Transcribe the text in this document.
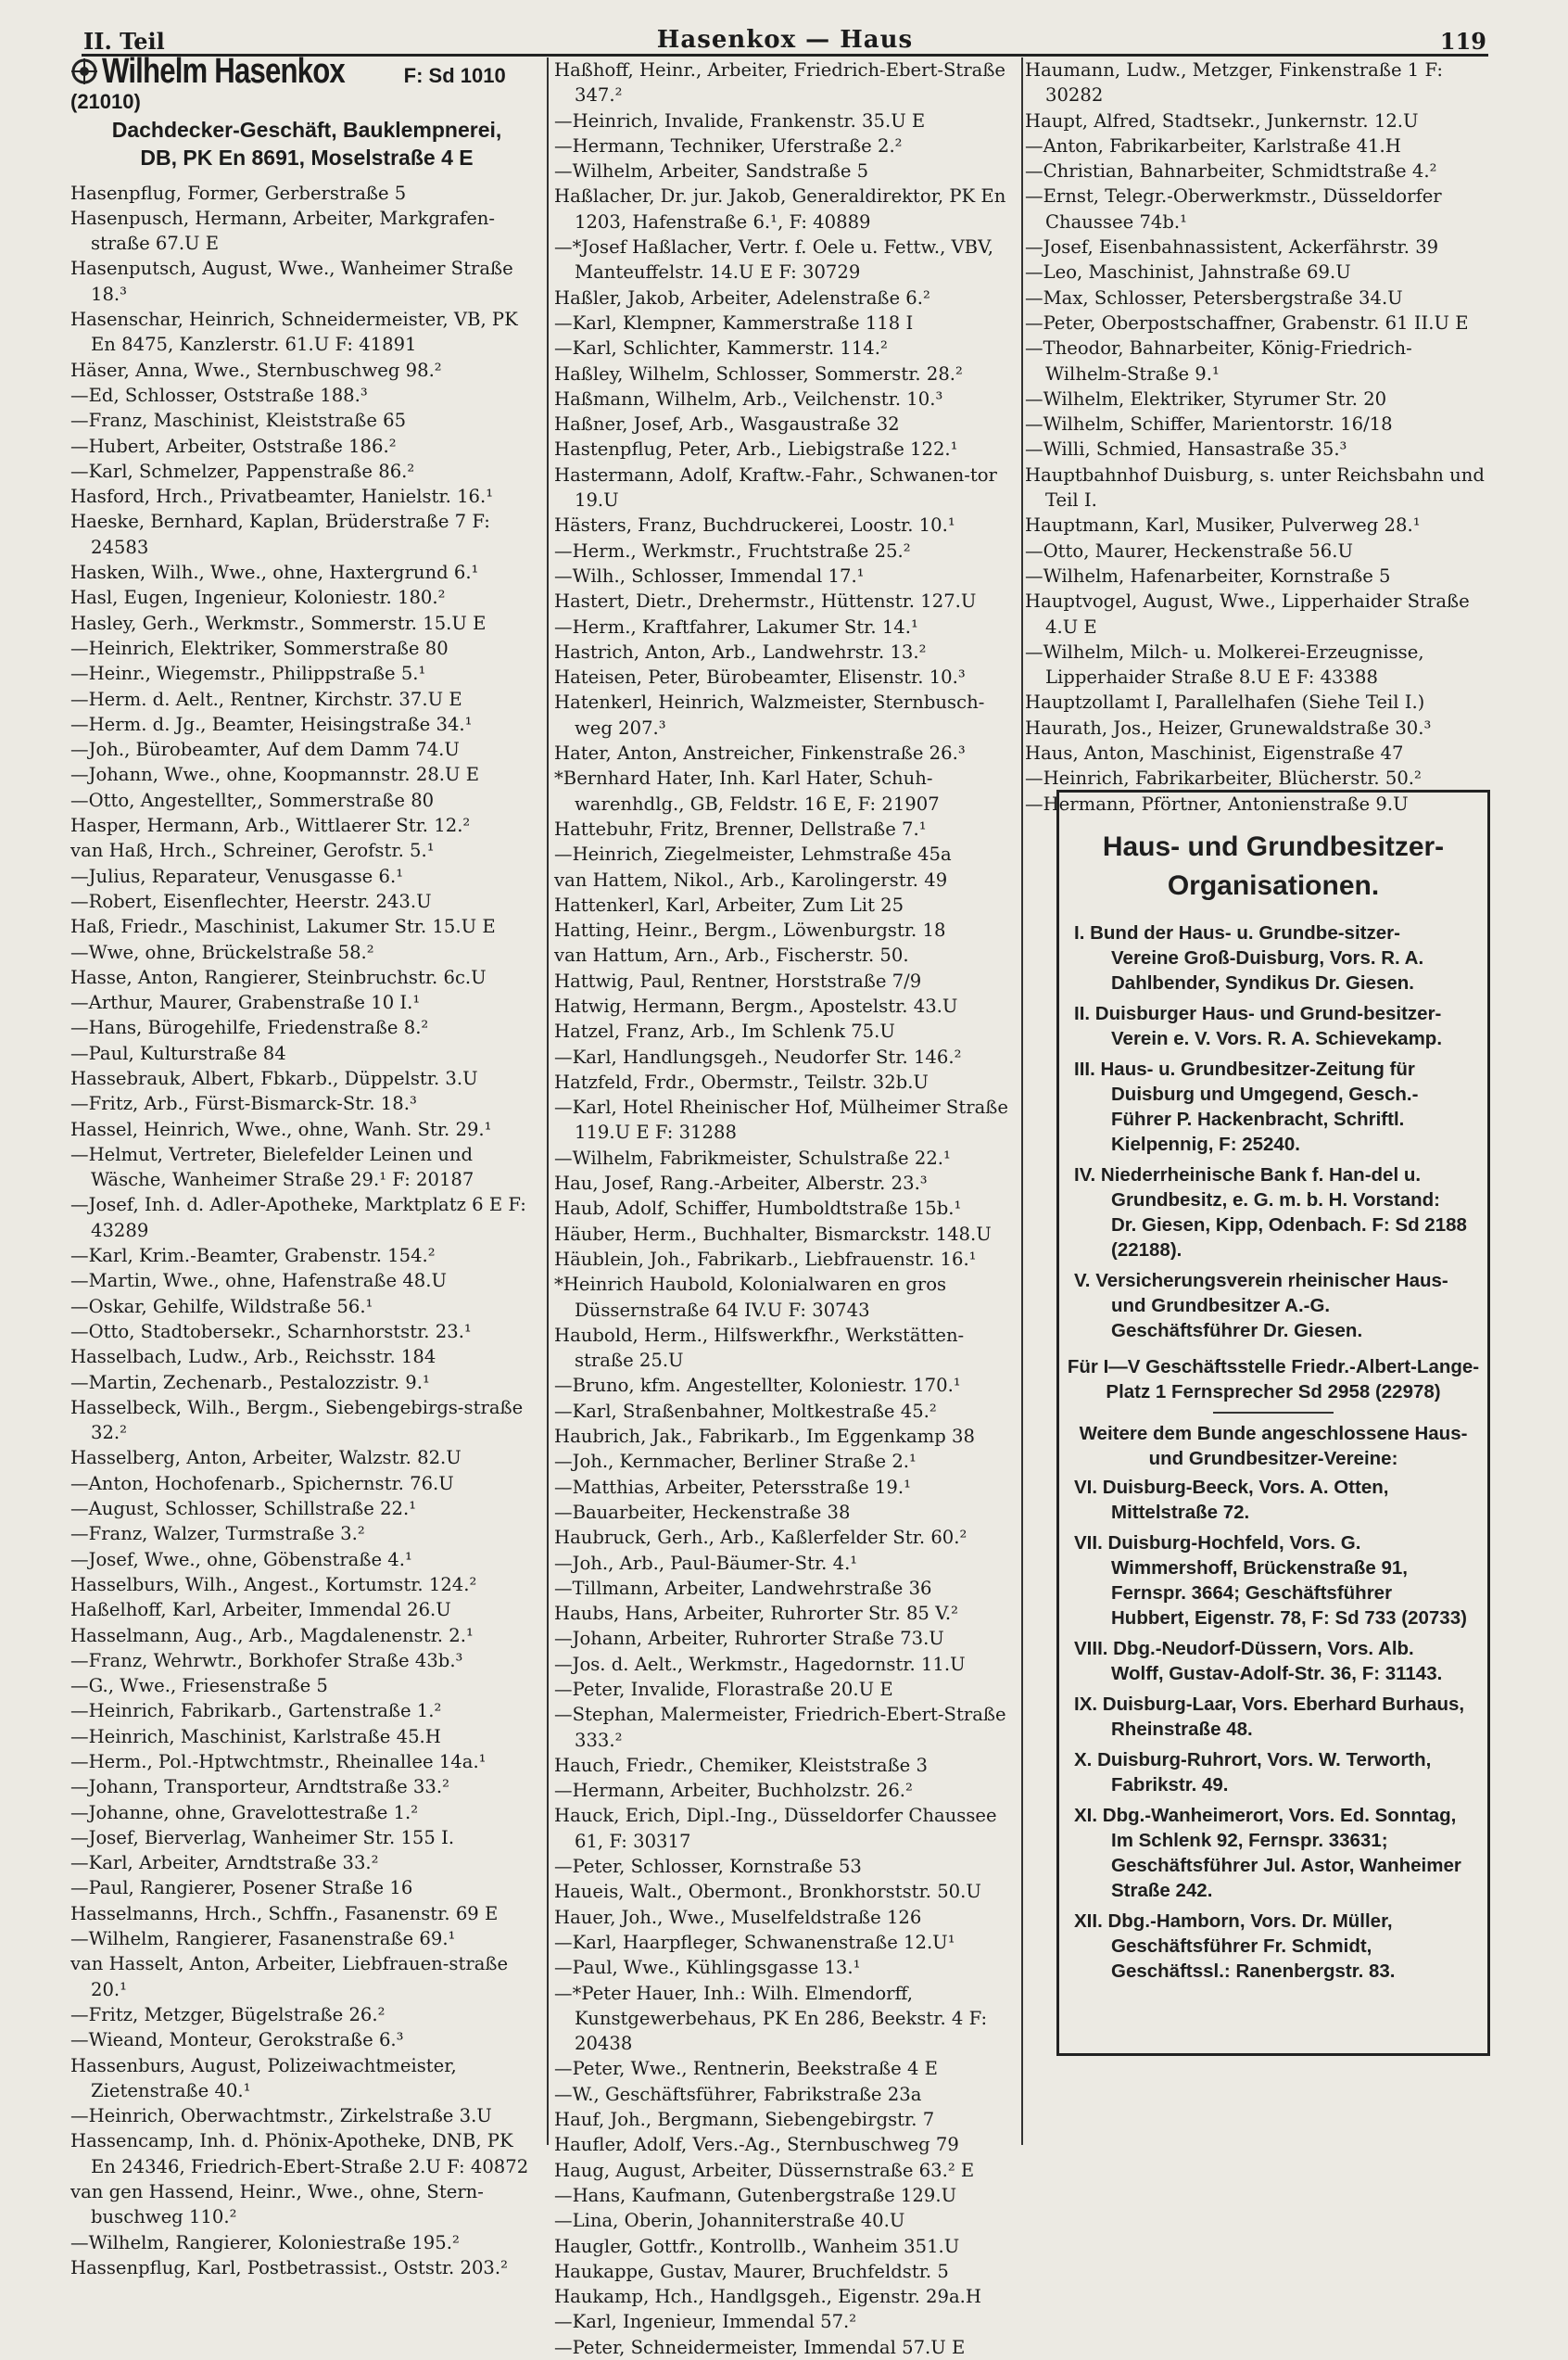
II. Teil	Hasenkox — Haus	119
Wilhelm Hasenkox	F: Sd 1010 (21010)
Dachdecker-Geschäft, Bauklempnerei,
DB, PK En 8691, Moselstraße 4 E
Hasenpflug, Former, Gerberstraße 5
Hasenpusch, Hermann, Arbeiter, Markgrafen-straße 67.U E
Hasenputsch, August, Wwe., Wanheimer Straße 18.³
Hasenschar, Heinrich, Schneidermeister, VB, PK En 8475, Kanzlerstr. 61.U F: 41891
Häser, Anna, Wwe., Sternbuschweg 98.²
—Ed, Schlosser, Oststraße 188.³
—Franz, Maschinist, Kleiststraße 65
—Hubert, Arbeiter, Oststraße 186.²
—Karl, Schmelzer, Pappenstraße 86.²
Hasford, Hrch., Privatbeamter, Hanielstr. 16.¹
Haeske, Bernhard, Kaplan, Brüderstraße 7 F: 24583
Hasken, Wilh., Wwe., ohne, Haxtergrund 6.¹
Hasl, Eugen, Ingenieur, Koloniestr. 180.²
Hasley, Gerh., Werkmstr., Sommerstr. 15.U E
—Heinrich, Elektriker, Sommerstraße 80
—Heinr., Wiegemstr., Philippstraße 5.¹
—Herm. d. Aelt., Rentner, Kirchstr. 37.U E
—Herm. d. Jg., Beamter, Heisingstraße 34.¹
—Joh., Bürobeamter, Auf dem Damm 74.U
—Johann, Wwe., ohne, Koopmannstr. 28.U E
—Otto, Angestellter,, Sommerstraße 80
Hasper, Hermann, Arb., Wittlaerer Str. 12.²
van Haß, Hrch., Schreiner, Gerofstr. 5.¹
—Julius, Reparateur, Venusgasse 6.¹
—Robert, Eisenflechter, Heerstr. 243.U
Haß, Friedr., Maschinist, Lakumer Str. 15.U E
—Wwe, ohne, Brückelstraße 58.²
Hasse, Anton, Rangierer, Steinbruchstr. 6c.U
—Arthur, Maurer, Grabenstraße 10 I.¹
—Hans, Bürogehilfe, Friedenstraße 8.²
—Paul, Kulturstraße 84
Hassebrauk, Albert, Fbkarb., Düppelstr. 3.U
—Fritz, Arb., Fürst-Bismarck-Str. 18.³
Hassel, Heinrich, Wwe., ohne, Wanh. Str. 29.¹
—Helmut, Vertreter, Bielefelder Leinen und Wäsche, Wanheimer Straße 29.¹ F: 20187
—Josef, Inh. d. Adler-Apotheke, Marktplatz 6 E F: 43289
—Karl, Krim.-Beamter, Grabenstr. 154.²
—Martin, Wwe., ohne, Hafenstraße 48.U
—Oskar, Gehilfe, Wildstraße 56.¹
—Otto, Stadtobersekr., Scharnhorststr. 23.¹
Hasselbach, Ludw., Arb., Reichsstr. 184
—Martin, Zechenarb., Pestalozzistr. 9.¹
Hasselbeck, Wilh., Bergm., Siebengebirgs-straße 32.²
Hasselberg, Anton, Arbeiter, Walzstr. 82.U
—Anton, Hochofenarb., Spichernstr. 76.U
—August, Schlosser, Schillstraße 22.¹
—Franz, Walzer, Turmstraße 3.²
—Josef, Wwe., ohne, Göbenstraße 4.¹
Hasselburs, Wilh., Angest., Kortumstr. 124.²
Haßelhoff, Karl, Arbeiter, Immendal 26.U
Hasselmann, Aug., Arb., Magdalenenstr. 2.¹
—Franz, Wehrwtr., Borkhofer Straße 43b.³
—G., Wwe., Friesenstraße 5
—Heinrich, Fabrikarb., Gartenstraße 1.²
—Heinrich, Maschinist, Karlstraße 45.H
—Herm., Pol.-Hptwchtmstr., Rheinallee 14a.¹
—Johann, Transporteur, Arndtstraße 33.²
—Johanne, ohne, Gravelottestraße 1.²
—Josef, Bierverlag, Wanheimer Str. 155 I.
—Karl, Arbeiter, Arndtstraße 33.²
—Paul, Rangierer, Posener Straße 16
Hasselmanns, Hrch., Schffn., Fasanenstr. 69 E
—Wilhelm, Rangierer, Fasanenstraße 69.¹
van Hasselt, Anton, Arbeiter, Liebfrauen-straße 20.¹
—Fritz, Metzger, Bügelstraße 26.²
—Wieand, Monteur, Gerokstraße 6.³
Hassenburs, August, Polizeiwachtmeister, Zietenstraße 40.¹
—Heinrich, Oberwachtmstr., Zirkelstraße 3.U
Hassencamp, Inh. d. Phönix-Apotheke, DNB, PK En 24346, Friedrich-Ebert-Straße 2.U F: 40872
van gen Hassend, Heinr., Wwe., ohne, Stern-buschweg 110.²
—Wilhelm, Rangierer, Koloniestraße 195.²
Hassenpflug, Karl, Postbetrassist., Oststr. 203.²
Haßhoff, Heinr., Arbeiter, Friedrich-Ebert-Straße 347.²
—Heinrich, Invalide, Frankenstr. 35.U E
—Hermann, Techniker, Uferstraße 2.²
—Wilhelm, Arbeiter, Sandstraße 5
Haßlacher, Dr. jur. Jakob, Generaldirektor, PK En 1203, Hafenstraße 6.¹, F: 40889
—*Josef Haßlacher, Vertr. f. Oele u. Fettw., VBV, Manteuffelstr. 14.U E F: 30729
Haßler, Jakob, Arbeiter, Adelenstraße 6.²
—Karl, Klempner, Kammerstraße 118 I
—Karl, Schlichter, Kammerstr. 114.²
Haßley, Wilhelm, Schlosser, Sommerstr. 28.²
Haßmann, Wilhelm, Arb., Veilchenstr. 10.³
Haßner, Josef, Arb., Wasgaustraße 32
Hastenpflug, Peter, Arb., Liebigstraße 122.¹
Hastermann, Adolf, Kraftw.-Fahr., Schwanen-tor 19.U
Hästers, Franz, Buchdruckerei, Loostr. 10.¹
—Herm., Werkmstr., Fruchtstraße 25.²
—Wilh., Schlosser, Immendal 17.¹
Hastert, Dietr., Drehermstr., Hüttenstr. 127.U
—Herm., Kraftfahrer, Lakumer Str. 14.¹
Hastrich, Anton, Arb., Landwehrstr. 13.²
Hateisen, Peter, Bürobeamter, Elisenstr. 10.³
Hatenkerl, Heinrich, Walzmeister, Sternbusch-weg 207.³
Hater, Anton, Anstreicher, Finkenstraße 26.³
*Bernhard Hater, Inh. Karl Hater, Schuh-warenhdlg., GB, Feldstr. 16 E, F: 21907
Hattebuhr, Fritz, Brenner, Dellstraße 7.¹
—Heinrich, Ziegelmeister, Lehmstraße 45a
van Hattem, Nikol., Arb., Karolingerstr. 49
Hattenkerl, Karl, Arbeiter, Zum Lit 25
Hatting, Heinr., Bergm., Löwenburgstr. 18
van Hattum, Arn., Arb., Fischerstr. 50.
Hattwig, Paul, Rentner, Horststraße 7/9
Hatwig, Hermann, Bergm., Apostelstr. 43.U
Hatzel, Franz, Arb., Im Schlenk 75.U
—Karl, Handlungsgeh., Neudorfer Str. 146.²
Hatzfeld, Frdr., Obermstr., Teilstr. 32b.U
—Karl, Hotel Rheinischer Hof, Mülheimer Straße 119.U E F: 31288
—Wilhelm, Fabrikmeister, Schulstraße 22.¹
Hau, Josef, Rang.-Arbeiter, Alberstr. 23.³
Haub, Adolf, Schiffer, Humboldtstraße 15b.¹
Häuber, Herm., Buchhalter, Bismarckstr. 148.U
Häublein, Joh., Fabrikarb., Liebfrauenstr. 16.¹
*Heinrich Haubold, Kolonialwaren en gros Düssernstraße 64 IV.U F: 30743
Haubold, Herm., Hilfswerkfhr., Werkstätten-straße 25.U
—Bruno, kfm. Angestellter, Koloniestr. 170.¹
—Karl, Straßenbahner, Moltkestraße 45.²
Haubrich, Jak., Fabrikarb., Im Eggenkamp 38
—Joh., Kernmacher, Berliner Straße 2.¹
—Matthias, Arbeiter, Petersstraße 19.¹
—Bauarbeiter, Heckenstraße 38
Haubruck, Gerh., Arb., Kaßlerfelder Str. 60.²
—Joh., Arb., Paul-Bäumer-Str. 4.¹
—Tillmann, Arbeiter, Landwehrstraße 36
Haubs, Hans, Arbeiter, Ruhrorter Str. 85 V.²
—Johann, Arbeiter, Ruhrorter Straße 73.U
—Jos. d. Aelt., Werkmstr., Hagedornstr. 11.U
—Peter, Invalide, Florastraße 20.U E
—Stephan, Malermeister, Friedrich-Ebert-Straße 333.²
Hauch, Friedr., Chemiker, Kleiststraße 3
—Hermann, Arbeiter, Buchholzstr. 26.²
Hauck, Erich, Dipl.-Ing., Düsseldorfer Chaussee 61, F: 30317
—Peter, Schlosser, Kornstraße 53
Haueis, Walt., Obermont., Bronkhorststr. 50.U
Hauer, Joh., Wwe., Muselfeldstraße 126
—Karl, Haarpfleger, Schwanenstraße 12.U¹
—Paul, Wwe., Kühlingsgasse 13.¹
—*Peter Hauer, Inh.: Wilh. Elmendorff, Kunstgewerbehaus, PK En 286, Beekstr. 4 F: 20438
—Peter, Wwe., Rentnerin, Beekstraße 4 E
—W., Geschäftsführer, Fabrikstraße 23a
Hauf, Joh., Bergmann, Siebengebirgstr. 7
Haufler, Adolf, Vers.-Ag., Sternbuschweg 79
Haug, August, Arbeiter, Düssernstraße 63.² E
—Hans, Kaufmann, Gutenbergstraße 129.U
—Lina, Oberin, Johanniterstraße 40.U
Haugler, Gottfr., Kontrollb., Wanheim 351.U
Haukappe, Gustav, Maurer, Bruchfeldstr. 5
Haukamp, Hch., Handlgsgeh., Eigenstr. 29a.H
—Karl, Ingenieur, Immendal 57.²
—Peter, Schneidermeister, Immendal 57.U E
Haumann, Ludw., Metzger, Finkenstraße 1 F: 30282
Haupt, Alfred, Stadtsekr., Junkernstr. 12.U
—Anton, Fabrikarbeiter, Karlstraße 41.H
—Christian, Bahnarbeiter, Schmidtstraße 4.²
—Ernst, Telegr.-Oberwerkmstr., Düsseldorfer Chaussee 74b.¹
—Josef, Eisenbahnassistent, Ackerfährstr. 39
—Leo, Maschinist, Jahnstraße 69.U
—Max, Schlosser, Petersbergstraße 34.U
—Peter, Oberpostschaffner, Grabenstr. 61 II.U E
—Theodor, Bahnarbeiter, König-Friedrich-Wilhelm-Straße 9.¹
—Wilhelm, Elektriker, Styrumer Str. 20
—Wilhelm, Schiffer, Marientorstr. 16/18
—Willi, Schmied, Hansastraße 35.³
Hauptbahnhof Duisburg, s. unter Reichsbahn und Teil I.
Hauptmann, Karl, Musiker, Pulverweg 28.¹
—Otto, Maurer, Heckenstraße 56.U
—Wilhelm, Hafenarbeiter, Kornstraße 5
Hauptvogel, August, Wwe., Lipperhaider Straße 4.U E
—Wilhelm, Milch- u. Molkerei-Erzeugnisse, Lipperhaider Straße 8.U E F: 43388
Hauptzollamt I, Parallelhafen (Siehe Teil I.)
Haurath, Jos., Heizer, Grunewaldstraße 30.³
Haus, Anton, Maschinist, Eigenstraße 47
—Heinrich, Fabrikarbeiter, Blücherstr. 50.²
—Hermann, Pförtner, Antonienstraße 9.U
Haus- und Grundbesitzer-Organisationen.
I. Bund der Haus- u. Grundbe-sitzer-Vereine Groß-Duisburg, Vors. R. A. Dahlbender, Syndikus Dr. Giesen.
II. Duisburger Haus- und Grund-besitzer-Verein e. V. Vors. R. A. Schievekamp.
III. Haus- u. Grundbesitzer-Zeitung für Duisburg und Umgegend, Gesch.-Führer P. Hackenbracht, Schriftl. Kielpennig, F: 25240.
IV. Niederrheinische Bank f. Han-del u. Grundbesitz, e. G. m. b. H. Vorstand: Dr. Giesen, Kipp, Odenbach. F: Sd 2188 (22188).
V. Versicherungsverein rheinischer Haus- und Grundbesitzer A.-G. Geschäftsführer Dr. Giesen.
Für I—V Geschäftsstelle Friedr.-Albert-Lange-Platz 1 Fernsprecher Sd 2958 (22978)
Weitere dem Bunde angeschlossene Haus- und Grundbesitzer-Vereine:
VI. Duisburg-Beeck, Vors. A. Otten, Mittelstraße 72.
VII. Duisburg-Hochfeld, Vors. G. Wimmershoff, Brückenstraße 91, Fernspr. 3664; Geschäftsführer Hubbert, Eigenstr. 78, F: Sd 733 (20733)
VIII. Dbg.-Neudorf-Düssern, Vors. Alb. Wolff, Gustav-Adolf-Str. 36, F: 31143.
IX. Duisburg-Laar, Vors. Eberhard Burhaus, Rheinstraße 48.
X. Duisburg-Ruhrort, Vors. W. Terworth, Fabrikstr. 49.
XI. Dbg.-Wanheimerort, Vors. Ed. Sonntag, Im Schlenk 92, Fernspr. 33631; Geschäftsführer Jul. Astor, Wanheimer Straße 242.
XII. Dbg.-Hamborn, Vors. Dr. Müller, Geschäftsführer Fr. Schmidt, Geschäftssl.: Ranenbergstr. 83.
